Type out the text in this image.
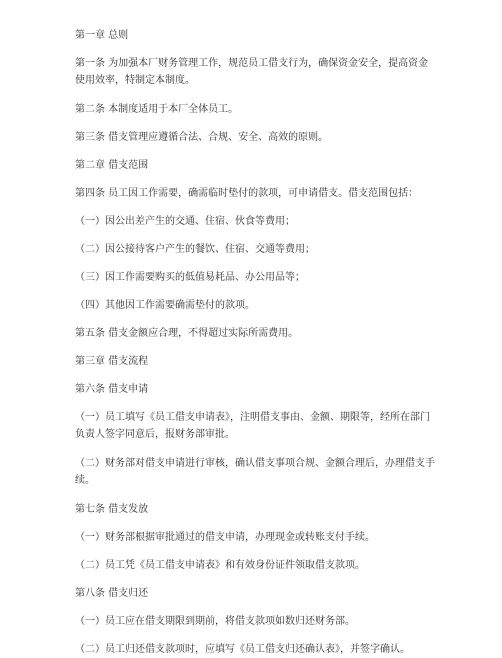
第一章 总则

第一条 为加强本厂财务管理工作，规范员工借支行为，确保资金安全，提高资金使用效率，特制定本制度。

第二条 本制度适用于本厂全体员工。

第三条 借支管理应遵循合法、合规、安全、高效的原则。

第二章 借支范围

第四条 员工因工作需要，确需临时垫付的款项，可申请借支。借支范围包括：

（一）因公出差产生的交通、住宿、伙食等费用；

（二）因公接待客户产生的餐饮、住宿、交通等费用；

（三）因工作需要购买的低值易耗品、办公用品等；

（四）其他因工作需要确需垫付的款项。

第五条 借支金额应合理，不得超过实际所需费用。

第三章 借支流程

第六条 借支申请

（一）员工填写《员工借支申请表》，注明借支事由、金额、期限等，经所在部门负责人签字同意后，报财务部审批。

（二）财务部对借支申请进行审核，确认借支事项合规、金额合理后，办理借支手续。

第七条 借支发放

（一）财务部根据审批通过的借支申请，办理现金或转账支付手续。

（二）员工凭《员工借支申请表》和有效身份证件领取借支款项。

第八条 借支归还

（一）员工应在借支期限到期前，将借支款项如数归还财务部。

（二）员工归还借支款项时，应填写《员工借支归还确认表》，并签字确认。
